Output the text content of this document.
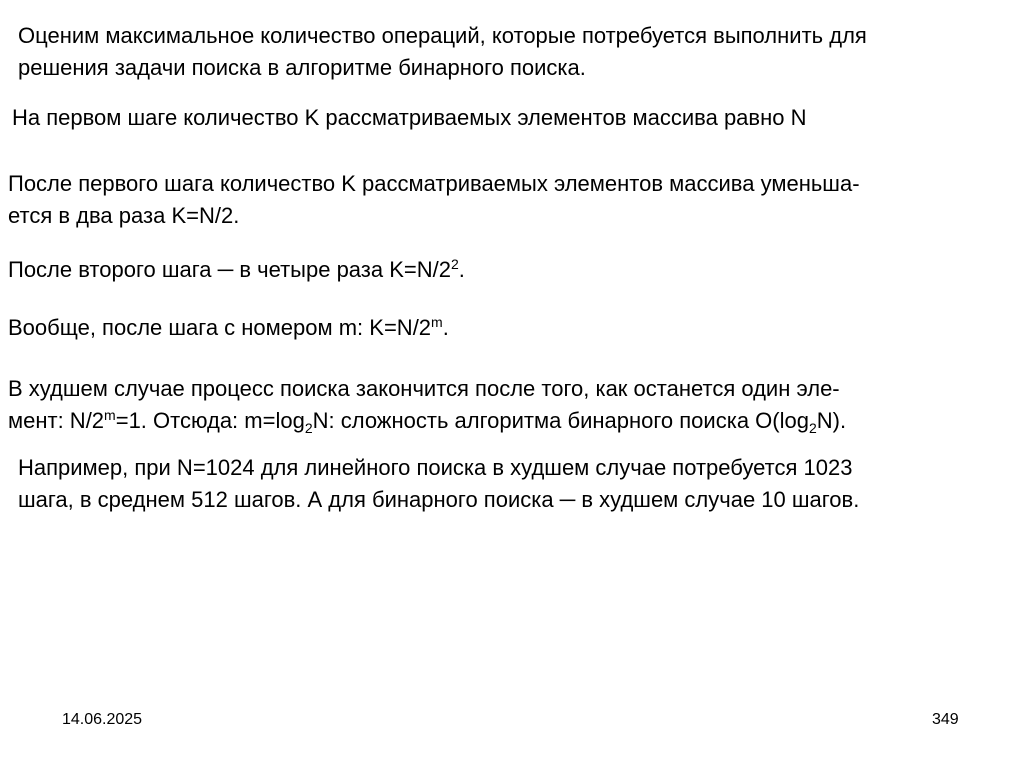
Оценим максимальное количество операций, которые потребуется выполнить для
решения задачи поиска в алгоритме бинарного поиска.
На первом шаге количество K рассматриваемых элементов массива равно N
После первого шага количество K рассматриваемых элементов массива уменьша-
ется в два раза K=N/2.
После второго шага ─ в четыре раза $K=N/2^2$.
Вообще, после шага с номером m: $K=N/2^m$.
В худшем случае процесс поиска закончится после того, как останется один эле-
мент: $N/2^m=1$. Отсюда: $m=\log_2N$: сложность алгоритма бинарного поиска $O(\log_2N)$.
Например, при N=1024 для линейного поиска в худшем случае потребуется 1023
шага, в среднем 512 шагов. А для бинарного поиска ─ в худшем случае 10 шагов.
14.06.2025	349
